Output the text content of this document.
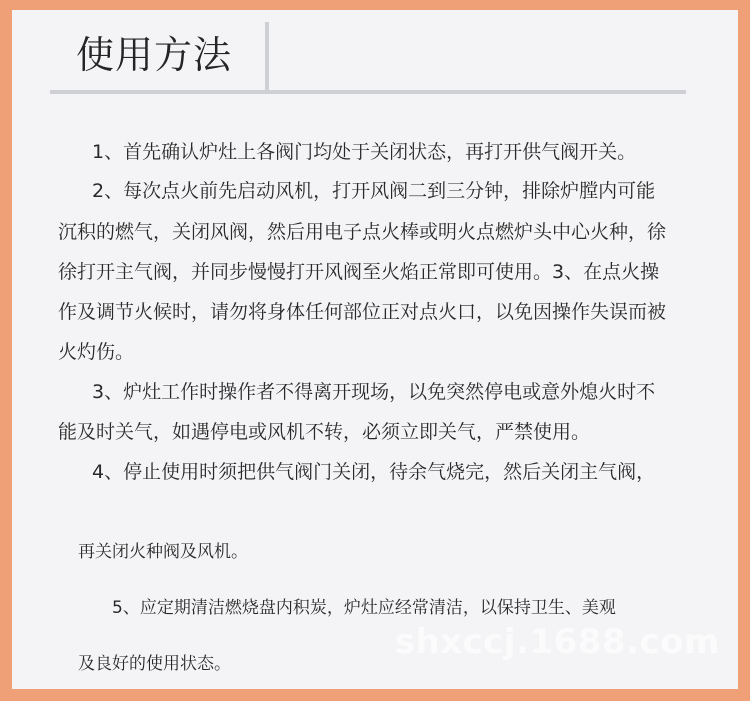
使用方法
1、首先确认炉灶上各阀门均处于关闭状态，再打开供气阀开关。
2、每次点火前先启动风机，打开风阀二到三分钟，排除炉膛内可能
沉积的燃气，关闭风阀，然后用电子点火棒或明火点燃炉头中心火种，徐
徐打开主气阀，并同步慢慢打开风阀至火焰正常即可使用。3、在点火操
作及调节火候时，请勿将身体任何部位正对点火口，以免因操作失误而被
火灼伤。
3、炉灶工作时操作者不得离开现场，以免突然停电或意外熄火时不
能及时关气，如遇停电或风机不转，必须立即关气，严禁使用。
4、停止使用时须把供气阀门关闭，待余气烧完，然后关闭主气阀，
再关闭火种阀及风机。
5、应定期清洁燃烧盘内积炭，炉灶应经常清洁，以保持卫生、美观
及良好的使用状态。
shxccj.1688.com
